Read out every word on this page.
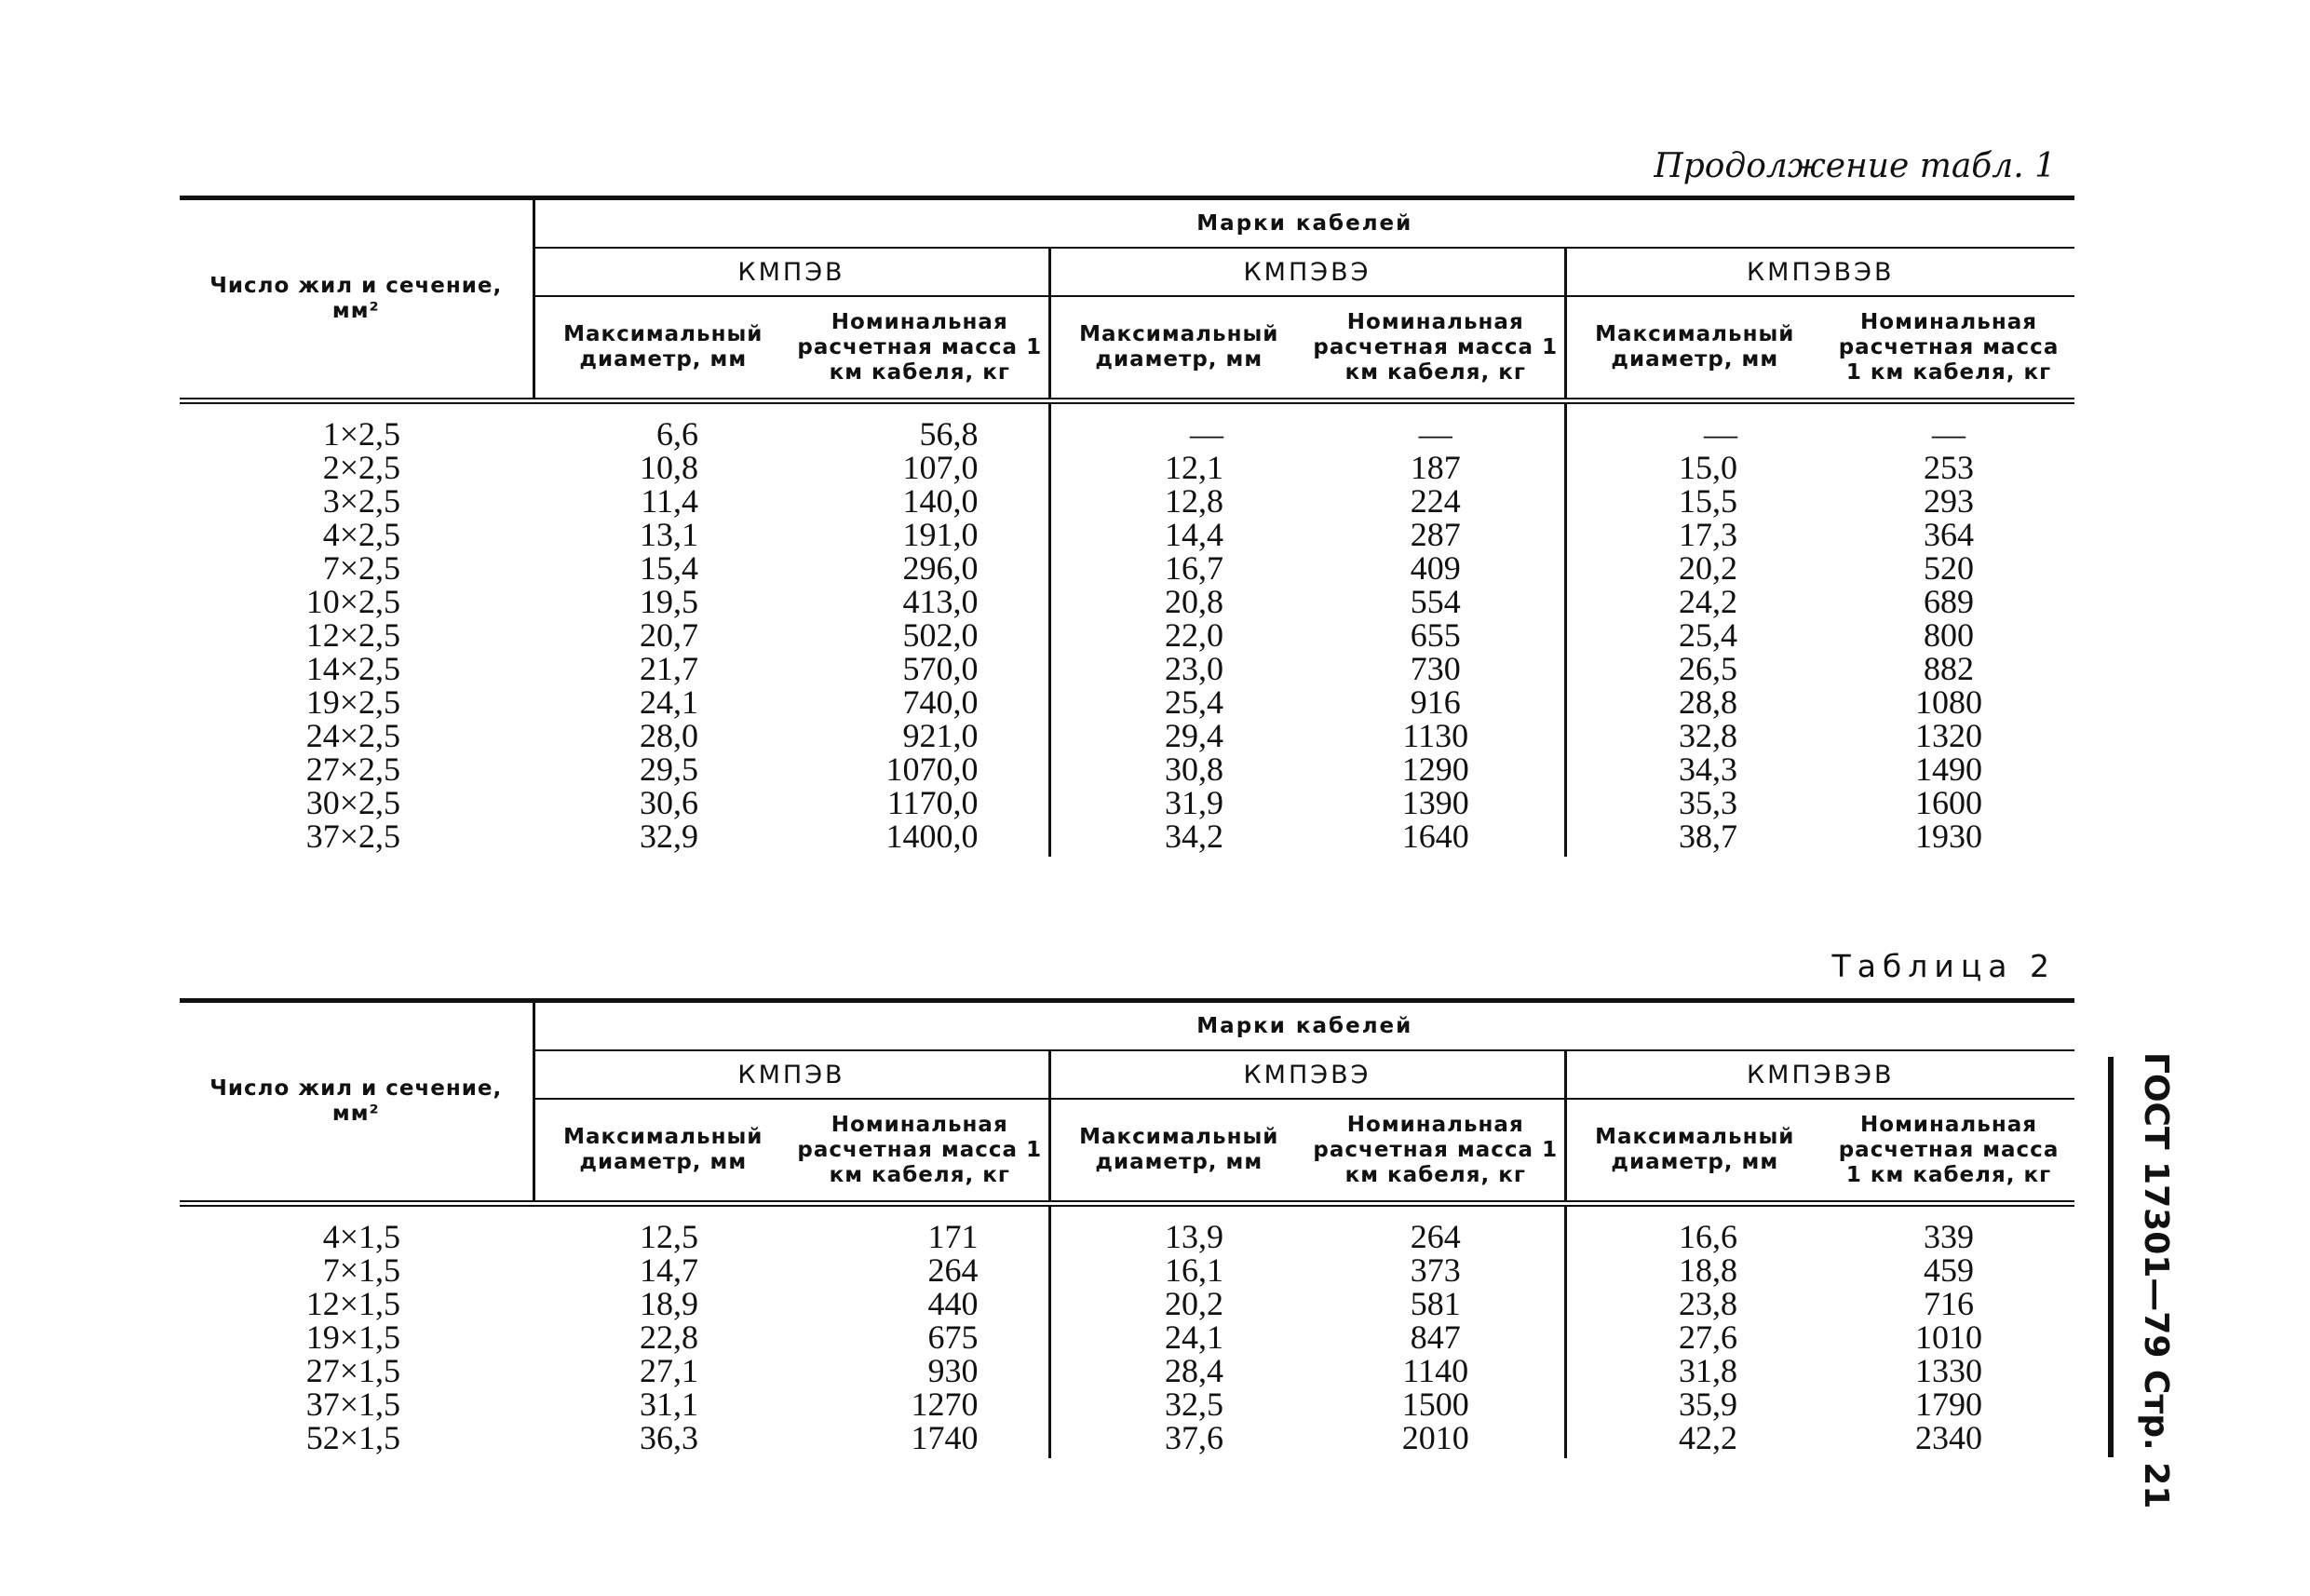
Продолжение табл. 1
Число жил и сечение, мм²	Марки кабелей					
	КМПЭВ		КМПЭВЭ		КМПЭВЭВ	
	Максимальный диаметр, мм	Номинальная расчетная масса 1 км кабеля, кг	Максимальный диаметр, мм	Номинальная расчетная масса 1 км кабеля, кг	Максимальный диаметр, мм	Номинальная расчетная масса 1 км кабеля, кг
1×2,5	6,6	56,8	—	—	—	—
2×2,5	10,8	107,0	12,1	187	15,0	253
3×2,5	11,4	140,0	12,8	224	15,5	293
4×2,5	13,1	191,0	14,4	287	17,3	364
7×2,5	15,4	296,0	16,7	409	20,2	520
10×2,5	19,5	413,0	20,8	554	24,2	689
12×2,5	20,7	502,0	22,0	655	25,4	800
14×2,5	21,7	570,0	23,0	730	26,5	882
19×2,5	24,1	740,0	25,4	916	28,8	1080
24×2,5	28,0	921,0	29,4	1130	32,8	1320
27×2,5	29,5	1070,0	30,8	1290	34,3	1490
30×2,5	30,6	1170,0	31,9	1390	35,3	1600
37×2,5	32,9	1400,0	34,2	1640	38,7	1930
Таблица 2
Число жил и сечение, мм²	Марки кабелей					
	КМПЭВ		КМПЭВЭ		КМПЭВЭВ	
	Максимальный диаметр, мм	Номинальная расчетная масса 1 км кабеля, кг	Максимальный диаметр, мм	Номинальная расчетная масса 1 км кабеля, кг	Максимальный диаметр, мм	Номинальная расчетная масса 1 км кабеля, кг
4×1,5	12,5	171	13,9	264	16,6	339
7×1,5	14,7	264	16,1	373	18,8	459
12×1,5	18,9	440	20,2	581	23,8	716
19×1,5	22,8	675	24,1	847	27,6	1010
27×1,5	27,1	930	28,4	1140	31,8	1330
37×1,5	31,1	1270	32,5	1500	35,9	1790
52×1,5	36,3	1740	37,6	2010	42,2	2340	ГОСТ 17301—79 Стр. 21
